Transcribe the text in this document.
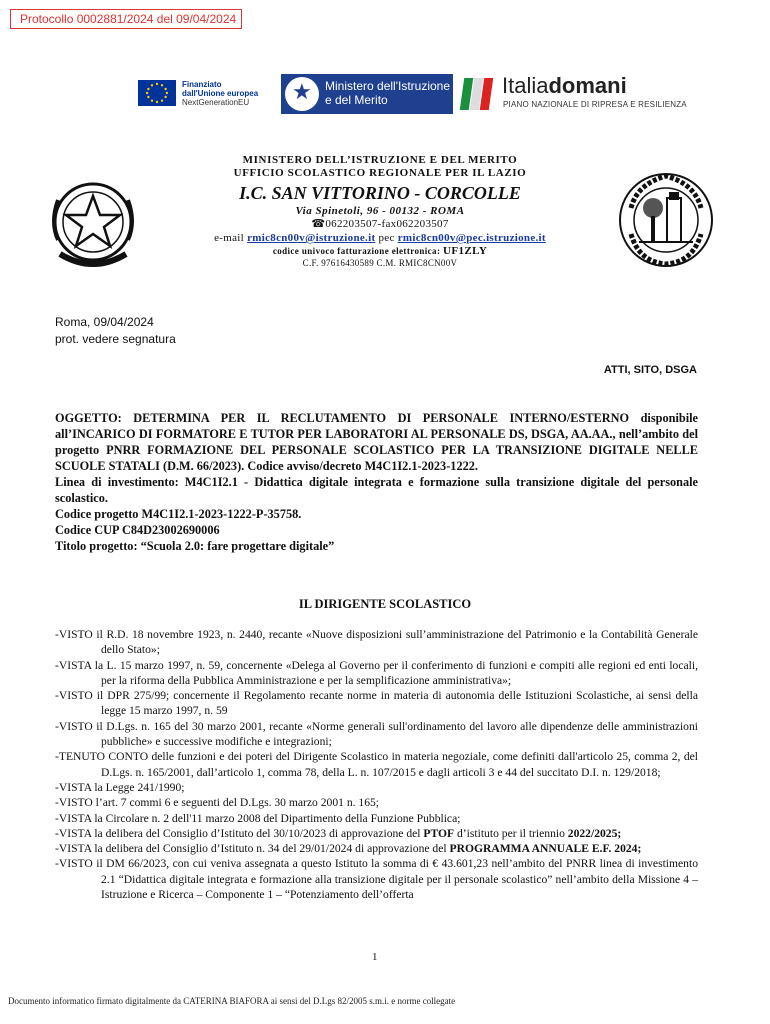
Protocollo 0002881/2024 del 09/04/2024
Finanziato
dall'Unione europea
NextGenerationEU
★
Ministero dell'Istruzione
e del Merito
Italiadomani
PIANO NAZIONALE DI RIPRESA E RESILIENZA
MINISTERO DELL’ISTRUZIONE E DEL MERITO
UFFICIO SCOLASTICO REGIONALE PER IL LAZIO
I.C. SAN VITTORINO - CORCOLLE
Via Spinetoli, 96 - 00132 - ROMA
☎062203507-fax062203507
e-mail rmic8cn00v@istruzione.it pec rmic8cn00v@pec.istruzione.it
codice univoco fatturazione elettronica: UF1ZLY
C.F. 97616430589 C.M. RMIC8CN00V
Roma, 09/04/2024
prot. vedere segnatura
ATTI, SITO, DSGA

OGGETTO: DETERMINA PER IL RECLUTAMENTO DI PERSONALE INTERNO/ESTERNO disponibile all’INCARICO DI FORMATORE E TUTOR PER LABORATORI AL PERSONALE DS, DSGA, AA.AA., nell’ambito del progetto PNRR FORMAZIONE DEL PERSONALE SCOLASTICO PER LA TRANSIZIONE DIGITALE NELLE SCUOLE STATALI (D.M. 66/2023). Codice avviso/decreto M4C1I2.1-2023-1222.

Linea di investimento: M4C1I2.1 - Didattica digitale integrata e formazione sulla transizione digitale del personale scolastico.

Codice progetto M4C1I2.1-2023-1222-P-35758.

Codice CUP C84D23002690006

Titolo progetto: “Scuola 2.0: fare progettare digitale”

IL DIRIGENTE SCOLASTICO

-VISTO il R.D. 18 novembre 1923, n. 2440, recante «Nuove disposizioni sull’amministrazione del Patrimonio e la Contabilità Generale dello Stato»;

-VISTA la L. 15 marzo 1997, n. 59, concernente «Delega al Governo per il conferimento di funzioni e compiti alle regioni ed enti locali, per la riforma della Pubblica Amministrazione e per la semplificazione amministrativa»;

-VISTO il DPR 275/99; concernente il Regolamento recante norme in materia di autonomia delle Istituzioni Scolastiche, ai sensi della legge 15 marzo 1997, n. 59

-VISTO il D.Lgs. n. 165 del 30 marzo 2001, recante «Norme generali sull'ordinamento del lavoro alle dipendenze delle amministrazioni pubbliche» e successive modifiche e integrazioni;

-TENUTO CONTO delle funzioni e dei poteri del Dirigente Scolastico in materia negoziale, come definiti dall'articolo 25, comma 2, del D.Lgs. n. 165/2001, dall’articolo 1, comma 78, della L. n. 107/2015 e dagli articoli 3 e 44 del succitato D.I. n. 129/2018;

-VISTA la Legge 241/1990;

-VISTO l’art. 7 commi 6 e seguenti del D.Lgs. 30 marzo 2001 n. 165;

-VISTA la Circolare n. 2 dell'11 marzo 2008 del Dipartimento della Funzione Pubblica;

-VISTA la delibera del Consiglio d’Istituto del 30/10/2023 di approvazione del PTOF d’istituto per il triennio 2022/2025;

-VISTA la delibera del Consiglio d’Istituto n. 34 del 29/01/2024 di approvazione del PROGRAMMA ANNUALE E.F. 2024;

-VISTO il DM 66/2023, con cui veniva assegnata a questo Istituto la somma di € 43.601,23 nell’ambito del PNRR linea di investimento 2.1 “Didattica digitale integrata e formazione alla transizione digitale per il personale scolastico” nell’ambito della Missione 4 – Istruzione e Ricerca – Componente 1 – “Potenziamento dell’offerta

1
Documento informatico firmato digitalmente da CATERINA BIAFORA ai sensi del D.Lgs 82/2005 s.m.i. e norme collegate
